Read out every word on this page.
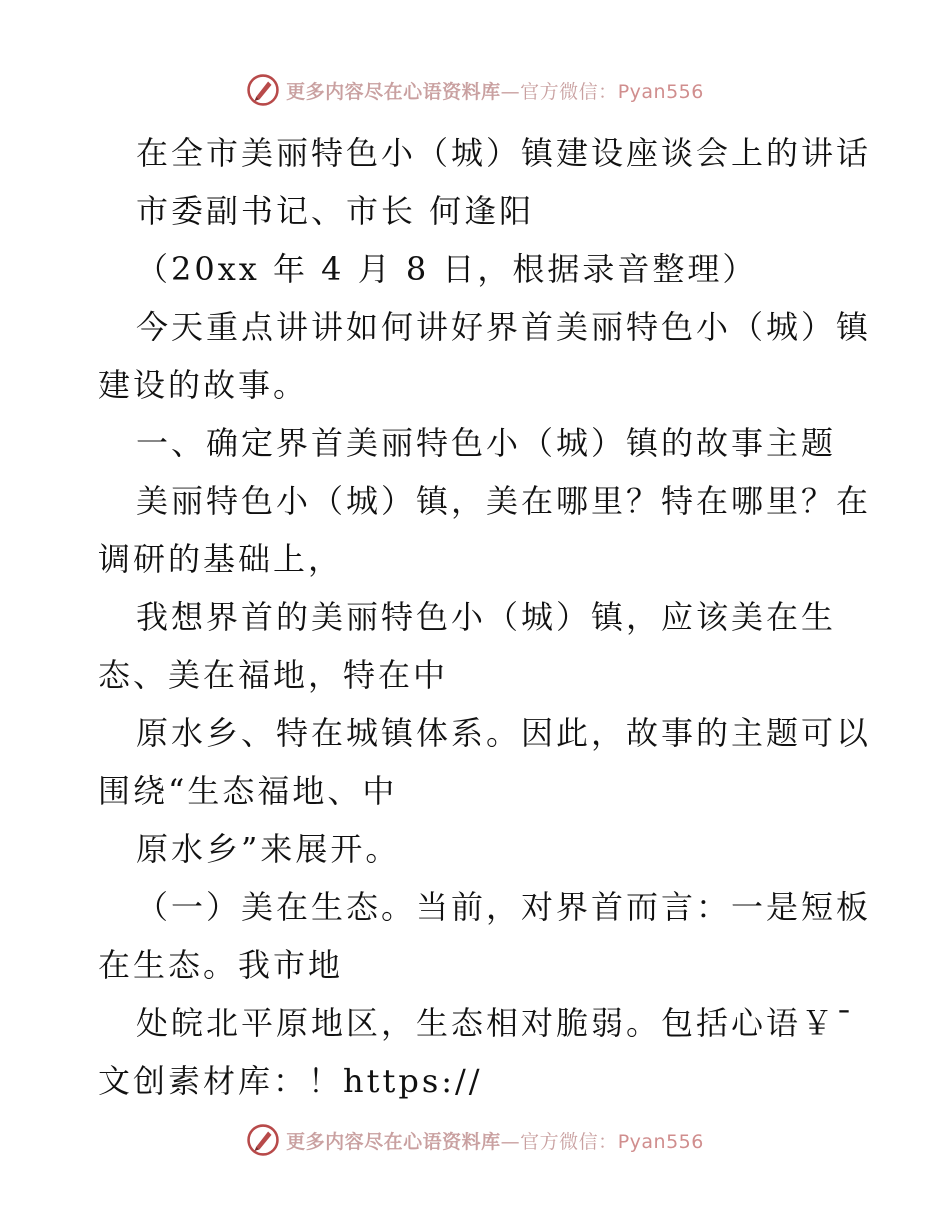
更多内容尽在心语资料库—官方微信：Pyan556
在全市美丽特色小（城）镇建设座谈会上的讲话
市委副书记、市长 何逢阳
（20xx 年 4 月 8 日，根据录音整理）
今天重点讲讲如何讲好界首美丽特色小（城）镇
建设的故事。
一、确定界首美丽特色小（城）镇的故事主题
美丽特色小（城）镇，美在哪里？特在哪里？在
调研的基础上，
我想界首的美丽特色小（城）镇，应该美在生
态、美在福地，特在中
原水乡、特在城镇体系。因此，故事的主题可以
围绕“生态福地、中
原水乡”来展开。
（一）美在生态。当前，对界首而言：一是短板
在生态。我市地
处皖北平原地区，生态相对脆弱。包括心语￥¯
文创素材库：！https://
更多内容尽在心语资料库—官方微信：Pyan556
